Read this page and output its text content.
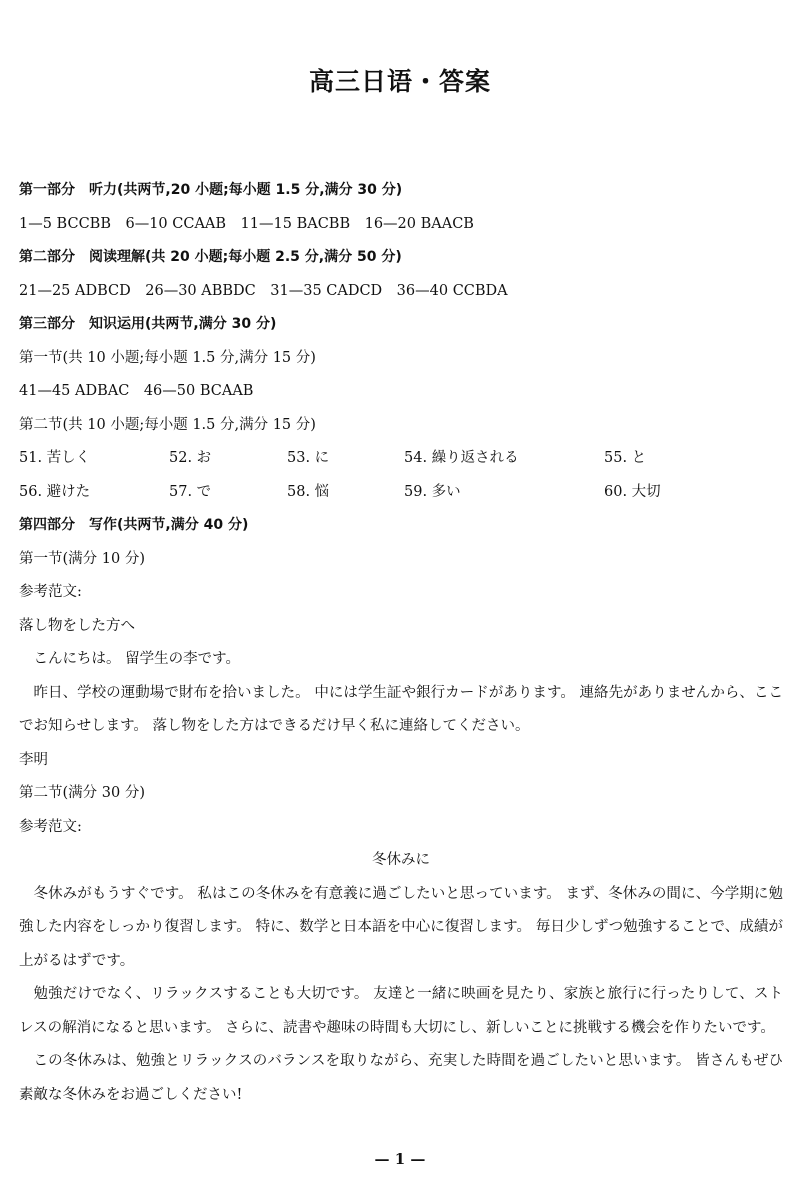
高三日语・答案
第一部分　听力(共两节,20 小题;每小题 1.5 分,满分 30 分)
1—5 BCCBB　6—10 CCAAB　11—15 BACBB　16—20 BAACB
第二部分　阅读理解(共 20 小题;每小题 2.5 分,满分 50 分)
21—25 ADBCD　26—30 ABBDC　31—35 CADCD　36—40 CCBDA
第三部分　知识运用(共两节,满分 30 分)
第一节(共 10 小题;每小题 1.5 分,满分 15 分)
41—45 ADBAC　46—50 BCAAB
第二节(共 10 小题;每小题 1.5 分,满分 15 分)
51. 苦しく	52. お	53. に	54. 繰り返される	55. と
56. 避けた	57. で	58. 悩	59. 多い	60. 大切
第四部分　写作(共两节,满分 40 分)
第一节(满分 10 分)
参考范文:
落し物をした方へ
こんにちは。 留学生の李です。
昨日、学校の運動場で財布を拾いました。 中には学生証や銀行カードがあります。 連絡先がありませんから、ここでお知らせします。 落し物をした方はできるだけ早く私に連絡してください。
李明
第二节(满分 30 分)
参考范文:
冬休みに
冬休みがもうすぐです。 私はこの冬休みを有意義に過ごしたいと思っています。 まず、冬休みの間に、今学期に勉強した内容をしっかり復習します。 特に、数学と日本語を中心に復習します。 毎日少しずつ勉強することで、成績が上がるはずです。
勉強だけでなく、リラックスすることも大切です。 友達と一緒に映画を見たり、家族と旅行に行ったりして、ストレスの解消になると思います。 さらに、読書や趣味の時間も大切にし、新しいことに挑戦する機会を作りたいです。
この冬休みは、勉強とリラックスのバランスを取りながら、充実した時間を過ごしたいと思います。 皆さんもぜひ素敵な冬休みをお過ごしください!
— 1 —
